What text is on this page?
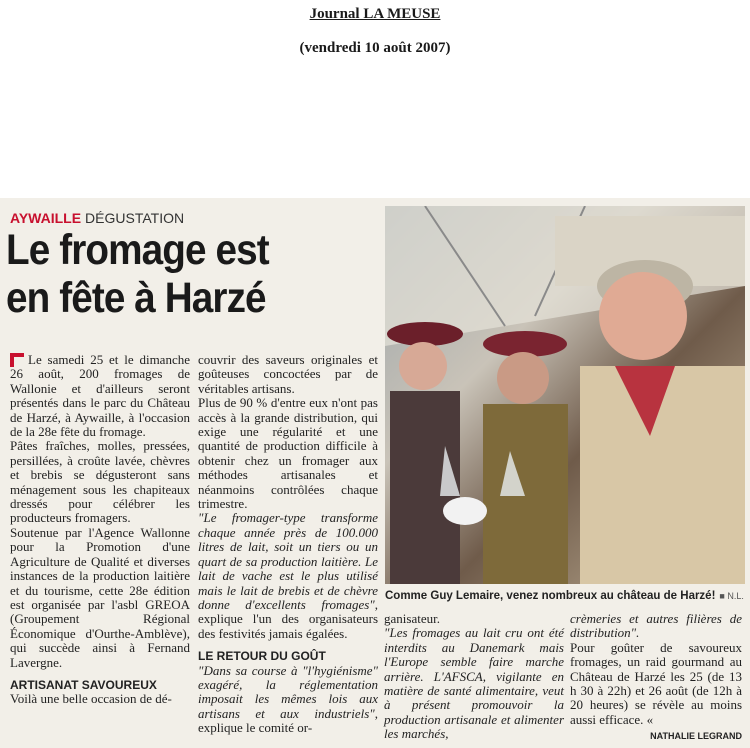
Journal LA MEUSE
(vendredi 10 août 2007)
AYWAILLE DÉGUSTATION
Le fromage est
en fête à Harzé
Comme Guy Lemaire, venez nombreux au château de Harzé! ■ N.L.

Le samedi 25 et le dimanche 26 août, 200 fromages de Wallonie et d'ailleurs seront présentés dans le parc du Château de Harzé, à Aywaille, à l'occasion de la 28e fête du fromage.

Pâtes fraîches, molles, pressées, persillées, à croûte lavée, chèvres et brebis se dégusteront sans ménagement sous les chapiteaux dressés pour célébrer les producteurs fromagers.

Soutenue par l'Agence Wallonne pour la Promotion d'une Agriculture de Qualité et diverses instances de la production laitière et du tourisme, cette 28e édition est organisée par l'asbl GREOA (Groupement Régional Économique d'Ourthe-Amblève), qui succède ainsi à Fernand Lavergne.

ARTISANAT SAVOUREUX

Voilà une belle occasion de dé-

couvrir des saveurs originales et goûteuses concoctées par de véritables artisans.

Plus de 90 % d'entre eux n'ont pas accès à la grande distribution, qui exige une régularité et une quantité de production difficile à obtenir chez un fromager aux méthodes artisanales et néanmoins contrôlées chaque trimestre.

"Le fromager-type transforme chaque année près de 100.000 litres de lait, soit un tiers ou un quart de sa production laitière. Le lait de vache est le plus utilisé mais le lait de brebis et de chèvre donne d'excellents fromages", explique l'un des organisateurs des festivités jamais égalées.

LE RETOUR DU GOÛT

"Dans sa course à "l'hygiénisme" exagéré, la réglementation imposait les mêmes lois aux artisans et aux industriels", explique le comité or-

ganisateur.

"Les fromages au lait cru ont été interdits au Danemark mais l'Europe semble faire marche arrière. L'AFSCA, vigilante en matière de santé alimentaire, veut à présent promouvoir la production artisanale et alimenter les marchés,

crèmeries et autres filières de distribution".

Pour goûter de savoureux fromages, un raid gourmand au Château de Harzé les 25 (de 13 h 30 à 22h) et 26 août (de 12h à 20 heures) se révèle au moins aussi efficace. «

NATHALIE LEGRAND
